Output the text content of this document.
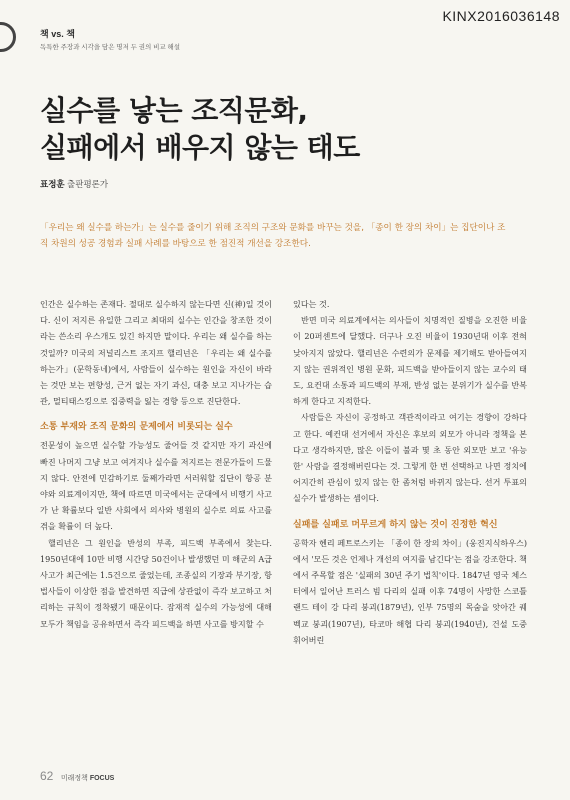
KINX2016036148
책 vs. 책
독특한 주장과 시각을 담은 명저 두 권의 비교 해설
실수를 낳는 조직문화,
실패에서 배우지 않는 태도
표정훈 출판평론가
「우리는 왜 실수를 하는가」는 실수를 줄이기 위해 조직의 구조와 문화를 바꾸는 것을, 「종이 한 장의 차이」는 집단이나 조직 차원의 성공 경험과 실패 사례를 바탕으로 한 점진적 개선을 강조한다.

인간은 실수하는 존재다. 절대로 실수하지 않는다면 신(神)일 것이다. 신이 저지른 유일한 그리고 최대의 실수는 인간을 창조한 것이라는 쓴소리 우스개도 있긴 하지만 말이다. 우리는 왜 실수를 하는 것일까? 미국의 저널리스트 조지프 핼리넌은 「우리는 왜 실수를 하는가」(문학동네)에서, 사람들이 실수하는 원인을 자신이 바라는 것만 보는 편향성, 근거 없는 자기 과신, 대충 보고 지나가는 습관, 멀티태스킹으로 집중력을 잃는 경향 등으로 진단한다.

소통 부재와 조직 문화의 문제에서 비롯되는 실수

전문성이 높으면 실수할 가능성도 줄어들 것 같지만 자기 과신에 빠진 나머지 그냥 보고 여겨지나 실수를 저지르는 전문가들이 드물지 않다. 안전에 민감하기로 둘째가라면 서러워할 집단이 항공 분야와 의료계이지만, 책에 따르면 미국에서는 군대에서 비행기 사고가 난 확률보다 일반 사회에서 의사와 병원의 실수로 의료 사고를 겪을 확률이 더 높다.

핼리넌은 그 원인을 반성의 부족, 피드백 부족에서 찾는다. 1950년대에 10만 비행 시간당 50건이나 발생했던 미 해군의 A급 사고가 최근에는 1.5건으로 줄었는데, 조종실의 기장과 부기장, 항법사들이 이상한 점을 발견하면 직급에 상관없이 즉각 보고하고 처리하는 규칙이 정착됐기 때문이다. 잠재적 실수의 가능성에 대해 모두가 책임을 공유하면서 즉각 피드백을 하면 사고를 방지할 수

있다는 것.

반면 미국 의료계에서는 의사들이 치명적인 질병을 오진한 비율이 20퍼센트에 달했다. 더구나 오진 비율이 1930년대 이후 전혀 낮아지지 않았다. 핼리넌은 수련의가 문제를 제기해도 받아들여지지 않는 권위적인 병원 문화, 피드백을 받아들이지 않는 교수의 태도, 요컨대 소통과 피드백의 부재, 반성 없는 분위기가 실수를 반복하게 한다고 지적한다.

사람들은 자신이 공정하고 객관적이라고 여기는 경향이 강하다고 한다. 예컨대 선거에서 자신은 후보의 외모가 아니라 정책을 본다고 생각하지만, 많은 이들이 불과 몇 초 동안 외모만 보고 '유능한' 사람을 결정해버린다는 것. 그렇게 한 번 선택하고 나면 정치에 어지간히 관심이 있지 않는 한 좀처럼 바뀌지 않는다. 선거 투표의 실수가 발생하는 셈이다.

실패를 실패로 머무르게 하지 않는 것이 진정한 혁신

공학자 헨리 페트로스키는 「종이 한 장의 차이」(웅진지식하우스)에서 '모든 것은 언제나 개선의 여지를 남긴다'는 점을 강조한다. 책에서 주목할 점은 '실패의 30년 주기 법칙'이다. 1847년 영국 체스터에서 일어난 트러스 빔 다리의 실패 이후 74명이 사망한 스코틀랜드 테이 강 다리 붕괴(1879년), 인부 75명의 목숨을 앗아간 퀘벡교 붕괴(1907년), 타코마 해협 다리 붕괴(1940년), 건설 도중 휘어버린

62 미래정책 FOCUS
